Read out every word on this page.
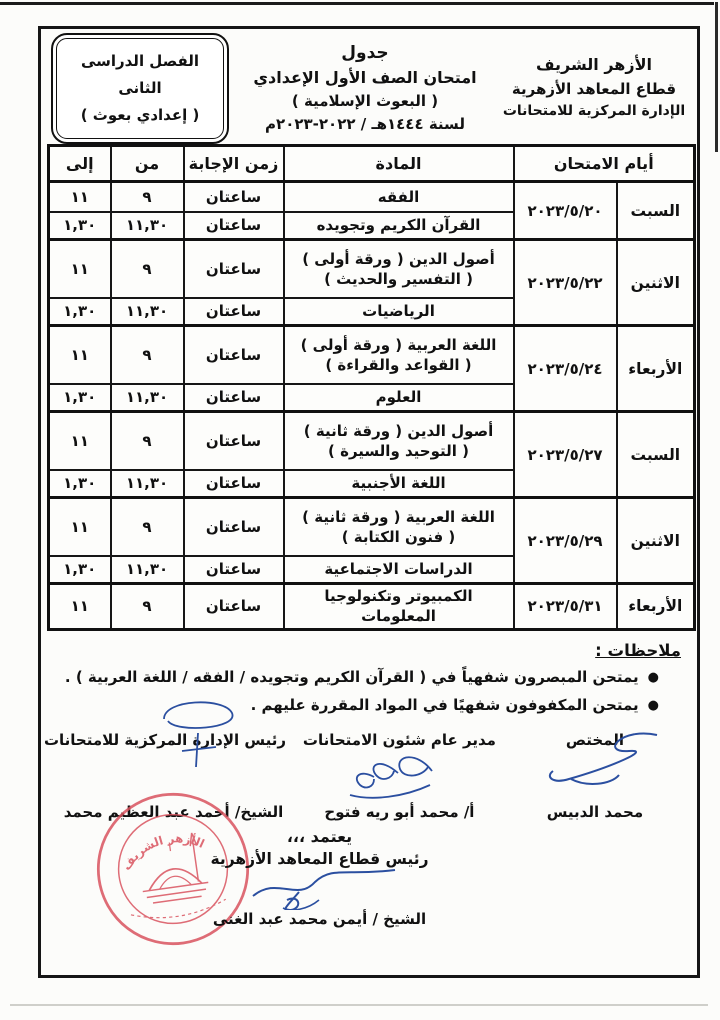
الأزهر الشريف
قطاع المعاهد الأزهرية
الإدارة المركزية للامتحانات
جدول
امتحان الصف الأول الإعدادي
( البعوث الإسلامية )
لسنة ١٤٤٤هـ / ٢٠٢٢-٢٠٢٣م
الفصل الدراسى الثانى
( إعدادي بعوث )
أيام الامتحان		المادة	زمن الإجابة	من	إلى
السبت	٢٠٢٣/٥/٢٠	الفقه	ساعتان	٩	١١
		القرآن الكريم وتجويده	ساعتان	١١,٣٠	١,٣٠
الاثنين	٢٠٢٣/٥/٢٢	أصول الدين ( ورقة أولى )
( التفسير والحديث )	ساعتان	٩	١١
		الرياضيات	ساعتان	١١,٣٠	١,٣٠
الأربعاء	٢٠٢٣/٥/٢٤	اللغة العربية ( ورقة أولى )
( القواعد والقراءة )	ساعتان	٩	١١
		العلوم	ساعتان	١١,٣٠	١,٣٠
السبت	٢٠٢٣/٥/٢٧	أصول الدين ( ورقة ثانية )
( التوحيد والسيرة )	ساعتان	٩	١١
		اللغة الأجنبية	ساعتان	١١,٣٠	١,٣٠
الاثنين	٢٠٢٣/٥/٢٩	اللغة العربية ( ورقة ثانية )
( فنون الكتابة )	ساعتان	٩	١١
		الدراسات الاجتماعية	ساعتان	١١,٣٠	١,٣٠
الأربعاء	٢٠٢٣/٥/٣١	الكمبيوتر وتكنولوجيا المعلومات	ساعتان	٩	١١
ملاحظات :
●
يمتحن المبصرون شفهياً في ( القرآن الكريم وتجويده / الفقه / اللغة العربية ) .
●
يمتحن المكفوفون شفهيًا في المواد المقررة عليهم .
المختص
محمد الدبيس
مدير عام شئون الامتحانات
أ/ محمد أبو ريه فتوح
رئيس الإدارة المركزية للامتحانات
الشيخ/ أحمد عبد العظيم محمد
الأزهر الشريف	يعتمد ،،،
رئيس قطاع المعاهد الأزهرية
الشيخ / أيمن محمد عبد الغنى
